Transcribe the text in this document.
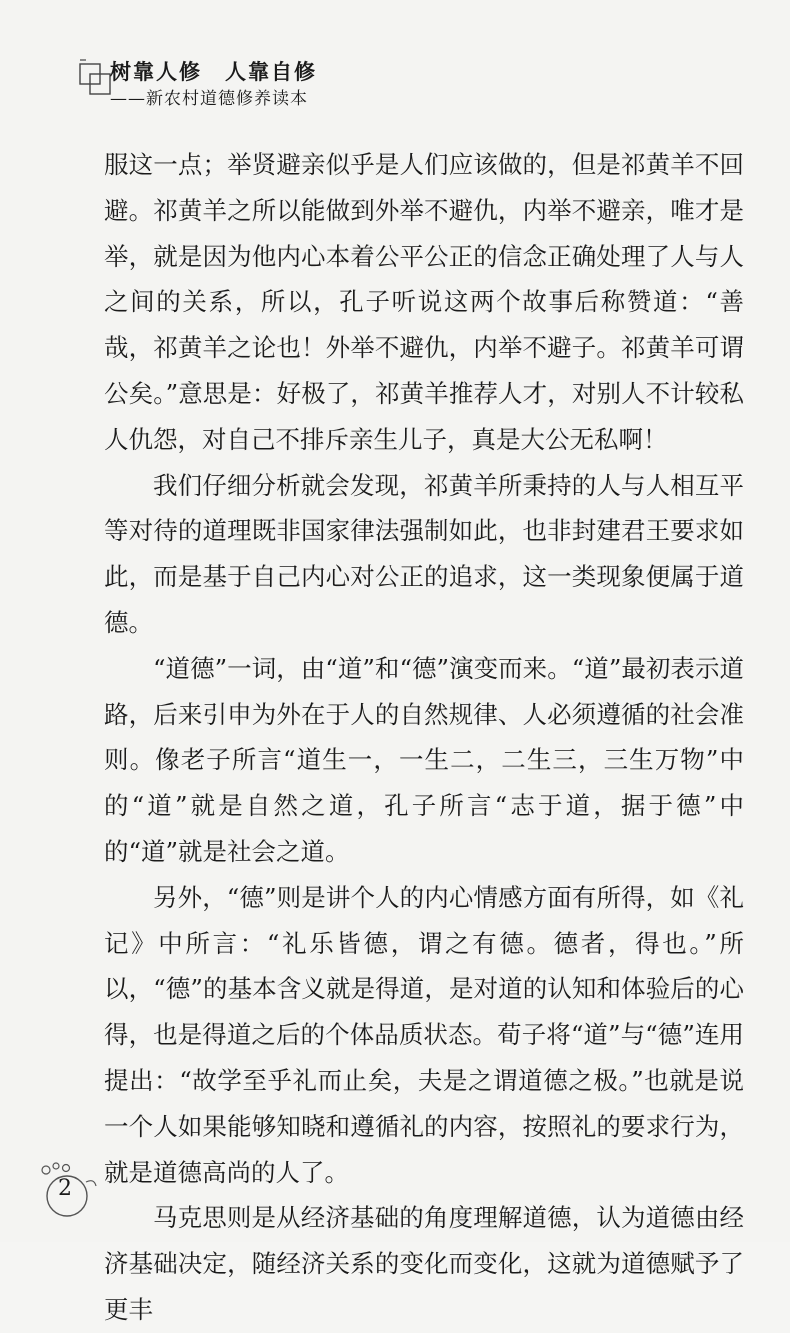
树靠人修　人靠自修
——新农村道德修养读本

服这一点；举贤避亲似乎是人们应该做的，但是祁黄羊不回避。祁黄羊之所以能做到外举不避仇，内举不避亲，唯才是举，就是因为他内心本着公平公正的信念正确处理了人与人之间的关系，所以，孔子听说这两个故事后称赞道：“善哉，祁黄羊之论也！外举不避仇，内举不避子。祁黄羊可谓公矣。”意思是：好极了，祁黄羊推荐人才，对别人不计较私人仇怨，对自己不排斥亲生儿子，真是大公无私啊！

我们仔细分析就会发现，祁黄羊所秉持的人与人相互平等对待的道理既非国家律法强制如此，也非封建君王要求如此，而是基于自己内心对公正的追求，这一类现象便属于道德。

“道德”一词，由“道”和“德”演变而来。“道”最初表示道路，后来引申为外在于人的自然规律、人必须遵循的社会准则。像老子所言“道生一，一生二，二生三，三生万物”中的“道”就是自然之道，孔子所言“志于道，据于德”中的“道”就是社会之道。

另外，“德”则是讲个人的内心情感方面有所得，如《礼记》中所言：“礼乐皆德，谓之有德。德者，得也。”所以，“德”的基本含义就是得道，是对道的认知和体验后的心得，也是得道之后的个体品质状态。荀子将“道”与“德”连用提出：“故学至乎礼而止矣，夫是之谓道德之极。”也就是说一个人如果能够知晓和遵循礼的内容，按照礼的要求行为，就是道德高尚的人了。

马克思则是从经济基础的角度理解道德，认为道德由经济基础决定，随经济关系的变化而变化，这就为道德赋予了更丰

2
